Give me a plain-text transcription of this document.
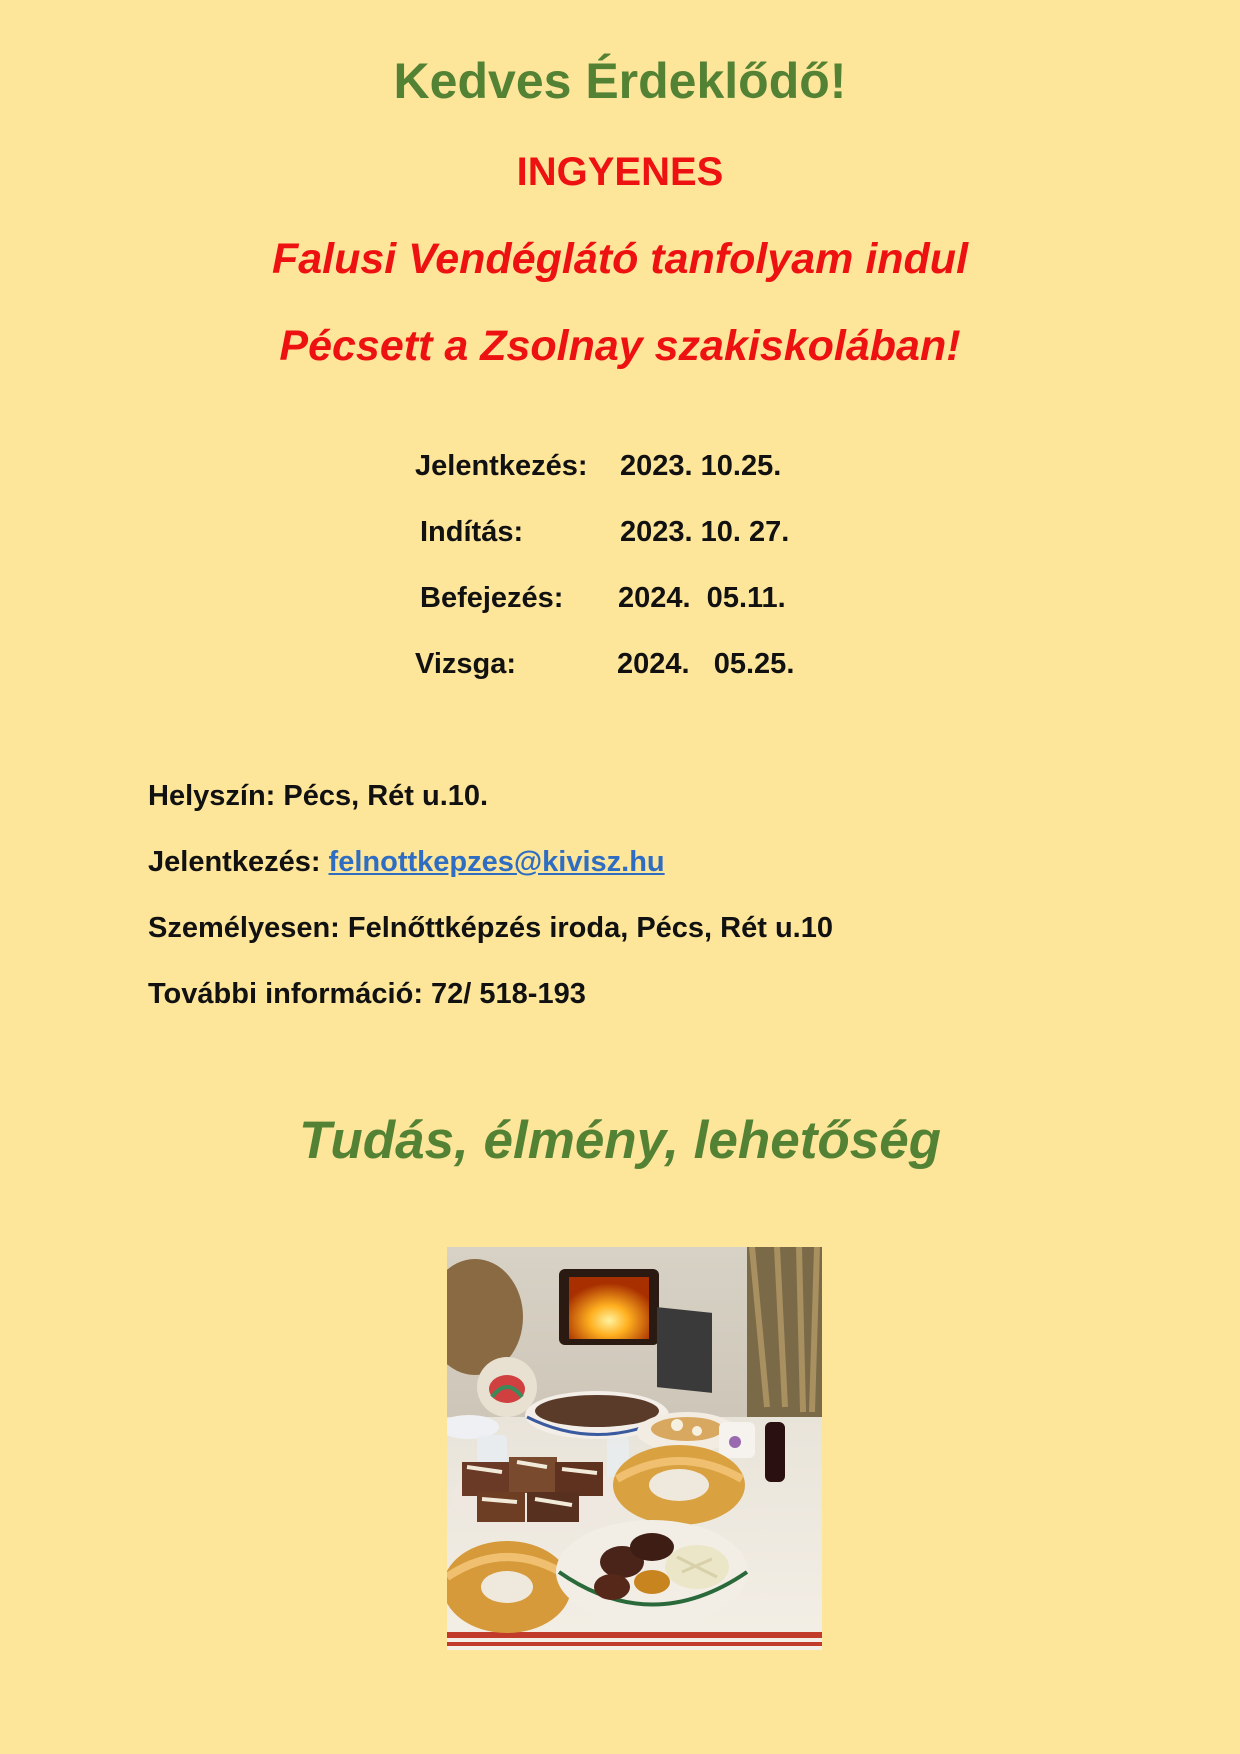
Kedves Érdeklődő!
INGYENES
Falusi Vendéglátó tanfolyam indul
Pécsett a Zsolnay szakiskolában!
Jelentkezés: 2023. 10.25.
Indítás:	2023. 10. 27.
Befejezés: 2024.  05.11.
Vizsga:	2024.   05.25.
Helyszín: Pécs, Rét u.10.
Jelentkezés: felnottkepzes@kivisz.hu
Személyesen: Felnőttképzés iroda, Pécs, Rét u.10
További információ: 72/ 518-193
Tudás, élmény, lehetőség
